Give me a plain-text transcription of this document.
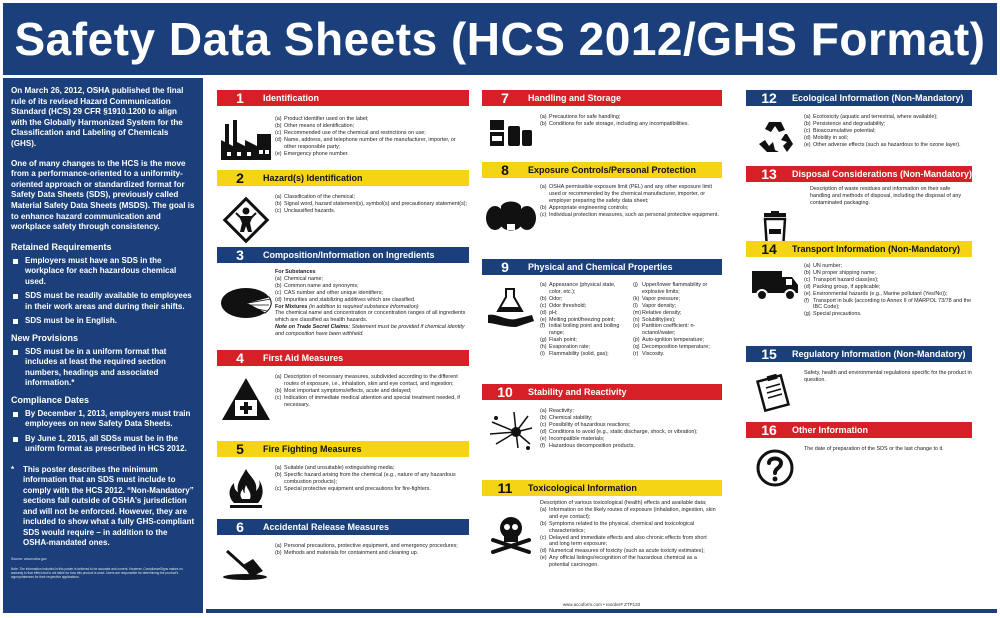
Safety Data Sheets (HCS 2012/GHS Format)
On March 26, 2012, OSHA published the final rule of its revised Hazard Communication Standard (HCS) 29 CFR §1910.1200 to align with the Globally Harmonized System for the Classification and Labeling of Chemicals (GHS).
One of many changes to the HCS is the move from a performance-oriented to a uniformity-oriented approach or standardized format for Safety Data Sheets (SDS), previously called Material Safety Data Sheets (MSDS). The goal is to enhance hazard communication and workplace safety through consistency.
Retained Requirements
Employers must have an SDS in the workplace for each hazardous chemical used.
SDS must be readily available to employees in their work areas and during their shifts.
SDS must be in English.
New Provisions
SDS must be in a uniform format that includes at least the required section numbers, headings and associated information.*
Compliance Dates
By December 1, 2013, employers must train employees on new Safety Data Sheets.
By June 1, 2015, all SDSs must be in the uniform format as prescribed in HCS 2012.
* This poster describes the minimum information that an SDS must include to comply with the HCS 2012. “Non-Mandatory” sections fall outside of OSHA's jurisdiction and will not be enforced. However, they are included to show what a fully GHS-compliant SDS would require – in addition to the OSHA-mandated ones.
Source: www.osha.gov
Note: The information included in this poster is believed to be accurate and current. However, ComplianceSigns makes no warranty to that effect and is not liable for how this product is used. Users are responsible for determining the product's appropriateness for their respective applications.
1	Identification
(a) Product identifier used on the label;
(b) Other means of identification;
(c) Recommended use of the chemical and restrictions on use;
(d) Name, address, and telephone number of the manufacturer, importer, or other responsible party;
(e) Emergency phone number.
2	Hazard(s) Identification
(a) Classification of the chemical;
(b) Signal word, hazard statement(s), symbol(s) and precautionary statement(s);
(c) Unclassified hazards.
3	Composition/Information on Ingredients
For Substances
(a) Chemical name;
(b) Common name and synonyms;
(c) CAS number and other unique identifiers;
(d) Impurities and stabilizing additives which are classified.
For Mixtures (in addition to required substance information)
The chemical name and concentration or concentration ranges of all ingredients which are classified as health hazards.
Note on Trade Secret Claims: Statement must be provided if chemical identity and composition have been withheld.
4	First Aid Measures
(a) Description of necessary measures, subdivided according to the different routes of exposure, i.e., inhalation, skin and eye contact, and ingestion;
(b) Most important symptoms/effects, acute and delayed;
(c) Indication of immediate medical attention and special treatment needed, if necessary.
5	Fire Fighting Measures
(a) Suitable (and unsuitable) extinguishing media;
(b) Specific hazard arising from the chemical (e.g., nature of any hazardous combustion products);
(c) Special protective equipment and precautions for fire-fighters.
6	Accidental Release Measures
(a) Personal precautions, protective equipment, and emergency procedures;
(b) Methods and materials for containment and cleaning up.
7	Handling and Storage
(a) Precautions for safe handling;
(b) Conditions for safe storage, including any incompatibilities.
8	Exposure Controls/Personal Protection
(a) OSHA permissible exposure limit (PEL) and any other exposure limit used or recommended by the chemical manufacturer, importer, or employer preparing the safety data sheet;
(b) Appropriate engineering controls;
(c) Individual protection measures, such as personal protective equipment.
9	Physical and Chemical Properties
(a) Appearance (physical state, color, etc.);
(b) Odor;
(c) Odor threshold;
(d) pH;
(e) Melting point/freezing point;
(f) Initial boiling point and boiling range;
(g) Flash point;
(h) Evaporation rate;
(i) Flammability (solid, gas);
(j) Upper/lower flammability or explosive limits;
(k) Vapor pressure;
(l) Vapor density;
(m) Relative density;
(n) Solubility(ies);
(o) Partition coefficient: n-octanol/water;
(p) Auto-ignition temperature;
(q) Decomposition temperature;
(r) Viscosity.
10	Stability and Reactivity
(a) Reactivity;
(b) Chemical stability;
(c) Possibility of hazardous reactions;
(d) Conditions to avoid (e.g., static discharge, shock, or vibration);
(e) Incompatible materials;
(f) Hazardous decomposition products.
11	Toxicological Information
Description of various toxicological (health) effects and available data;
(a) Information on the likely routes of exposure (inhalation, ingestion, skin and eye contact);
(b) Symptoms related to the physical, chemical and toxicological characteristics;
(c) Delayed and immediate effects and also chronic effects from short and long term exposure;
(d) Numerical measures of toxicity (such as acute toxicity estimates);
(e) Any official listings/recognition of the hazardous chemical as a potential carcinogen.
12	Ecological Information (Non-Mandatory)
(a) Ecotoxicity (aquatic and terrestrial, where available);
(b) Persistence and degradability;
(c) Bioaccumulative potential;
(d) Mobility in soil;
(e) Other adverse effects (such as hazardous to the ozone layer).
13	Disposal Considerations (Non-Mandatory)
Description of waste residues and information on their safe handling and methods of disposal, including the disposal of any contaminated packaging.
14	Transport Information (Non-Mandatory)
(a) UN number;
(b) UN proper shipping name;
(c) Transport hazard class(es);
(d) Packing group, if applicable;
(e) Environmental hazards (e.g., Marine pollutant (Yes/No));
(f) Transport in bulk (according to Annex II of MARPOL 73/78 and the IBC Code);
(g) Special precautions.
15	Regulatory Information (Non-Mandatory)
Safety, health and environmental regulations specific for the product in question.
16	Other Information
The date of preparation of the SDS or the last change to it.
www.accuform.com • reorder# ZTP133
